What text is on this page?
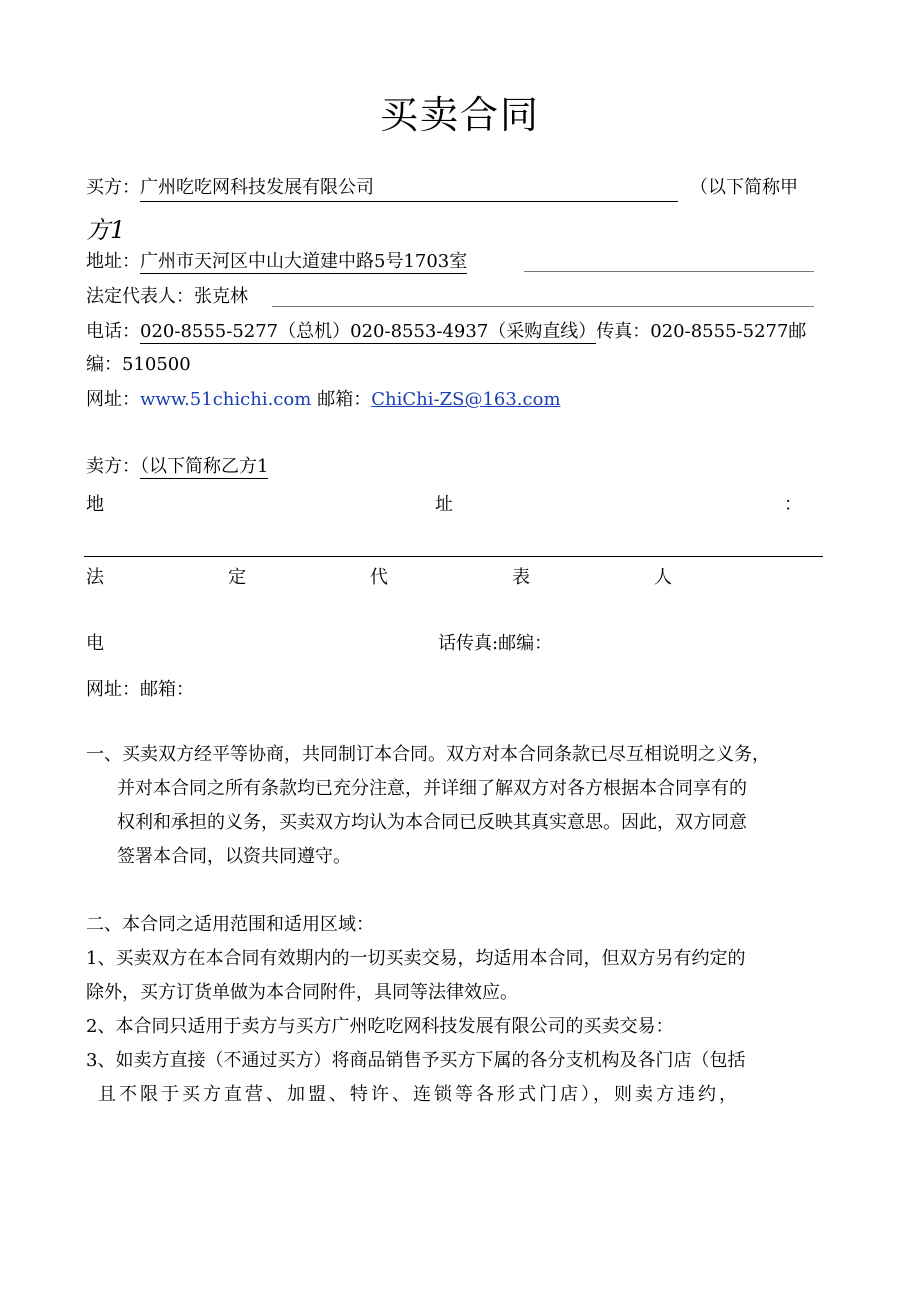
买卖合同
买方：广州吃吃网科技发展有限公司	（以下简称甲
方1
地址：广州市天河区中山大道建中路5号1703室
法定代表人：张克林
电话：020-8555-5277（总机）020-8553-4937（采购直线）传真：020-8555-5277邮
编：510500
网址：www.51chichi.com 邮箱：ChiChi-ZS@163.com
卖方：（以下简称乙方1
地	址	：
法	定	代	表	人
电	话传真:邮编：
网址：邮箱：
一、买卖双方经平等协商，共同制订本合同。双方对本合同条款已尽互相说明之义务，
并对本合同之所有条款均已充分注意，并详细了解双方对各方根据本合同享有的
权利和承担的义务，买卖双方均认为本合同已反映其真实意思。因此，双方同意
签署本合同，以资共同遵守。
二、本合同之适用范围和适用区域：
1、买卖双方在本合同有效期内的一切买卖交易，均适用本合同，但双方另有约定的
除外，买方订货单做为本合同附件，具同等法律效应。
2、本合同只适用于卖方与买方广州吃吃网科技发展有限公司的买卖交易：
3、如卖方直接（不通过买方）将商品销售予买方下属的各分支机构及各门店（包括
且不限于买方直营、加盟、特许、连锁等各形式门店），则卖方违约，
